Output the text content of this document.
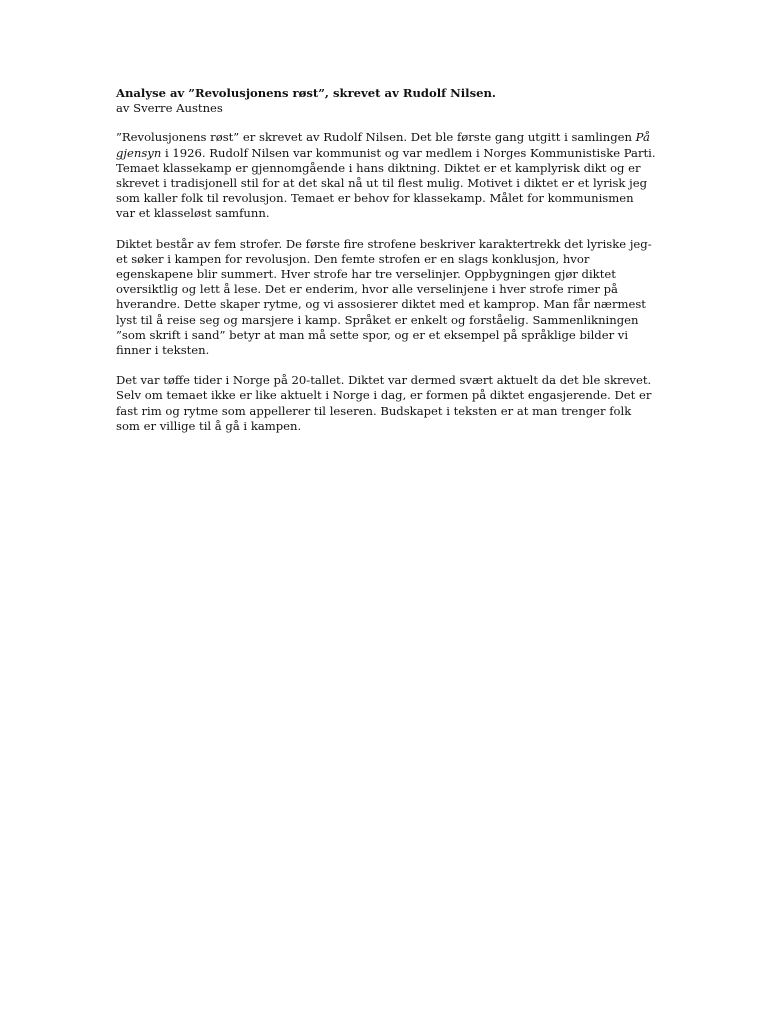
Analyse av ”Revolusjonens røst”, skrevet av Rudolf Nilsen.

av Sverre Austnes

”Revolusjonens røst” er skrevet av Rudolf Nilsen. Det ble første gang utgitt i samlingen På gjensyn i 1926. Rudolf Nilsen var kommunist og var medlem i Norges Kommunistiske Parti. Temaet klassekamp er gjennomgående i hans diktning. Diktet er et kamplyrisk dikt og er skrevet i tradisjonell stil for at det skal nå ut til flest mulig. Motivet i diktet er et lyrisk jeg som kaller folk til revolusjon. Temaet er behov for klassekamp. Målet for kommunismen var et klasseløst samfunn.

Diktet består av fem strofer. De første fire strofene beskriver karaktertrekk det lyriske jeg-et søker i kampen for revolusjon. Den femte strofen er en slags konklusjon, hvor egenskapene blir summert. Hver strofe har tre verselinjer. Oppbygningen gjør diktet oversiktlig og lett å lese. Det er enderim, hvor alle verselinjene i hver strofe rimer på hverandre. Dette skaper rytme, og vi assosierer diktet med et kamprop. Man får nærmest lyst til å reise seg og marsjere i kamp. Språket er enkelt og forståelig. Sammenlikningen ”som skrift i sand” betyr at man må sette spor, og er et eksempel på språklige bilder vi finner i teksten.

Det var tøffe tider i Norge på 20-tallet. Diktet var dermed svært aktuelt da det ble skrevet.
Selv om temaet ikke er like aktuelt i Norge i dag, er formen på diktet engasjerende. Det er fast rim og rytme som appellerer til leseren. Budskapet i teksten er at man trenger folk som er villige til å gå i kampen.
